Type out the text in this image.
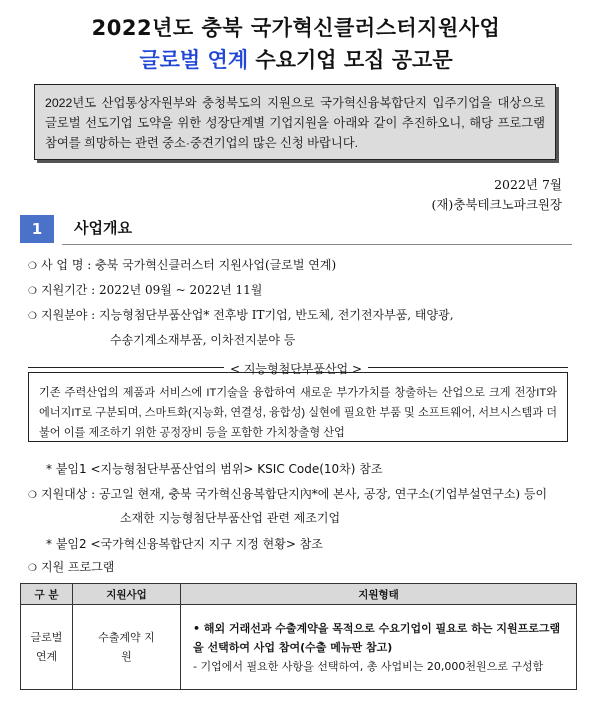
2022년도 충북 국가혁신클러스터지원사업
글로벌 연계 수요기업 모집 공고문
2022년도 산업통상자원부와 충청북도의 지원으로 국가혁신융복합단지 입주기업을 대상으로 글로벌 선도기업 도약을 위한 성장단계별 기업지원을 아래와 같이 추진하오니, 해당 프로그램 참여를 희망하는 관련 중소·중견기업의 많은 신청 바랍니다.
2022년 7월
(재)충북테크노파크원장
1	사업개요
❍ 사 업 명 : 충북 국가혁신클러스터 지원사업(글로벌 연계)
❍ 지원기간 : 2022년 09월 ~ 2022년 11월
❍ 지원분야 : 지능형첨단부품산업* 전후방 IT기업, 반도체, 전기전자부품, 태양광,
수송기계소재부품, 이차전지분야 등
< 지능형첨단부품산업 >
기존 주력산업의 제품과 서비스에 IT기술을 융합하여 새로운 부가가치를 창출하는 산업으로 크게 전장IT와 에너지IT로 구분되며, 스마트화(지능화, 연결성, 융합성) 실현에 필요한 부품 및 소프트웨어, 서브시스템과 더불어 이를 제조하기 위한 공정장비 등을 포함한 가치창출형 산업
* 붙임1 <지능형첨단부품산업의 범위> KSIC Code(10차) 참조
❍ 지원대상 : 공고일 현재, 충북 국가혁신융복합단지內*에 본사, 공장, 연구소(기업부설연구소) 등이
소재한 지능형첨단부품산업 관련 제조기업
* 붙임2 <국가혁신융복합단지 지구 지정 현황> 참조
❍ 지원 프로그램
구 분	지원사업	지원형태
글로벌 연계	수출계약 지원	• 해외 거래선과 수출계약을 목적으로 수요기업이 필요로 하는 지원프로그램을 선택하여 사업 참여(수출 메뉴판 참고)
- 기업에서 필요한 사항을 선택하여, 총 사업비는 20,000천원으로 구성함
